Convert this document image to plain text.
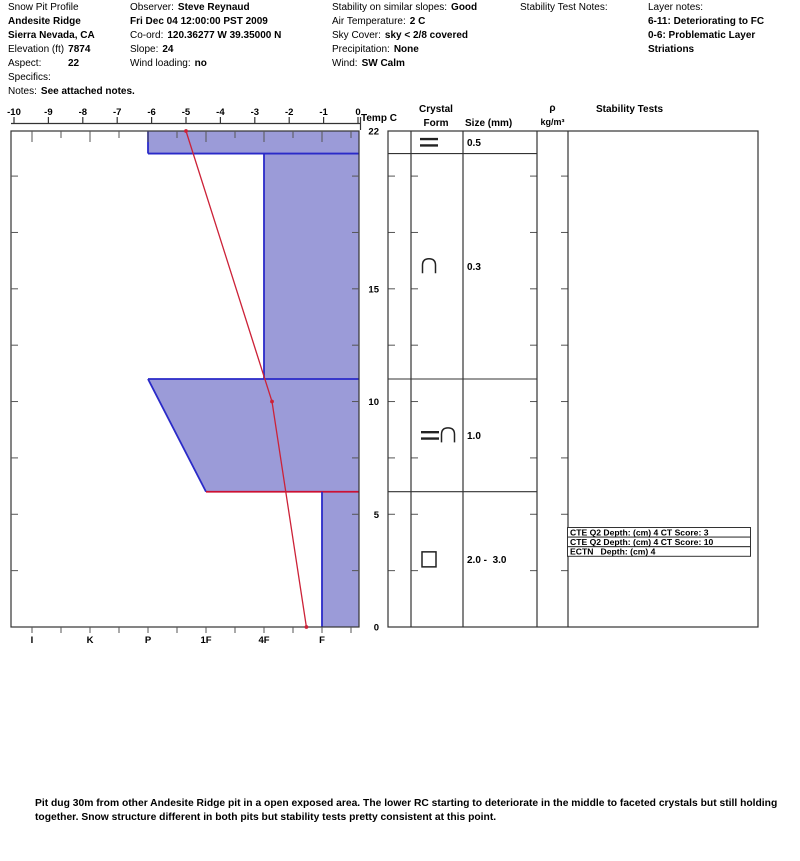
-10 -9	-8	-7	-6	-5	-4	-3	-2	-1	0
I	K	P	1F	4F	F
22
15
10
5
0
0.5
0.3
1.0
2.0 -  3.0
CTE Q2 Depth: (cm) 4 CT Score: 3
CTE Q2 Depth: (cm) 4 CT Score: 10
ECTN   Depth: (cm) 4
Snow Pit Profile
Andesite Ridge
Sierra Nevada, CA
Elevation (ft) 7874
Aspect:	22
Specifics:
Notes: See attached notes.
Observer: Steve Reynaud
Fri Dec 04 12:00:00 PST 2009
Co-ord: 120.36277 W 39.35000 N
Slope: 24
Wind loading: no
Stability on similar slopes: Good
Air Temperature: 2 C
Sky Cover: sky < 2/8 covered
Precipitation: None
Wind: SW Calm
Stability Test Notes:	Layer notes:
6-11: Deteriorating to FC
0-6: Problematic Layer
Striations
Temp C
Crystal
Form	Size (mm)
ρ
kg/m³
Stability Tests
Pit dug 30m from other Andesite Ridge pit in a open exposed area. The lower RC starting to deteriorate in the middle to faceted crystals but still holding together. Snow structure different in both pits but stability tests pretty consistent at this point.
